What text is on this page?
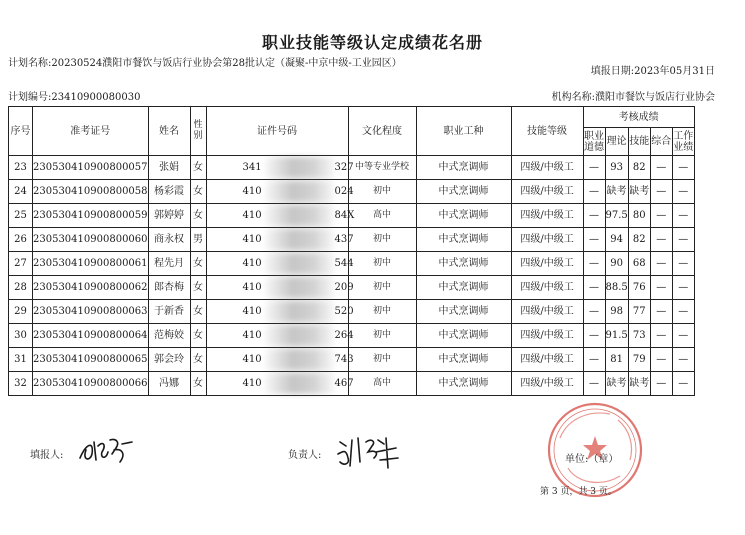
职业技能等级认定成绩花名册
计划名称:20230524濮阳市餐饮与饭店行业协会第28批认定（凝聚-中京中级-工业园区）
填报日期:2023年05月31日
计划编号:23410900080030	机构名称:濮阳市餐饮与饭店行业协会
序号	准考证号	姓名	性别	证件号码	文化程度	职业工种	技能等级	考核成绩				
								职业道德	理论	技能	综合	工作业绩
23	230530410900800057	张娟	女	341 327	中等专业学校	中式烹调师	四级/中级工	—	93	82	—	—
24	230530410900800058	杨彩霞	女	410 024	初中	中式烹调师	四级/中级工	—	缺考	缺考	—	—
25	230530410900800059	郭婷婷	女	410 84X	高中	中式烹调师	四级/中级工	—	97.5	80	—	—
26	230530410900800060	商永权	男	410 437	初中	中式烹调师	四级/中级工	—	94	82	—	—
27	230530410900800061	程先月	女	410 544	初中	中式烹调师	四级/中级工	—	90	68	—	—
28	230530410900800062	郎杏梅	女	410 209	初中	中式烹调师	四级/中级工	—	88.5	76	—	—
29	230530410900800063	于新香	女	410 520	初中	中式烹调师	四级/中级工	—	98	77	—	—
30	230530410900800064	范梅姣	女	410 264	初中	中式烹调师	四级/中级工	—	91.5	73	—	—
31	230530410900800065	郭会玲	女	410 743	初中	中式烹调师	四级/中级工	—	81	79	—	—
32	230530410900800066	冯娜	女	410 467	高中	中式烹调师	四级/中级工	—	缺考	缺考	—	—
填报人:	负责人:	单位:（章）
第 3 页，共 3 页。
